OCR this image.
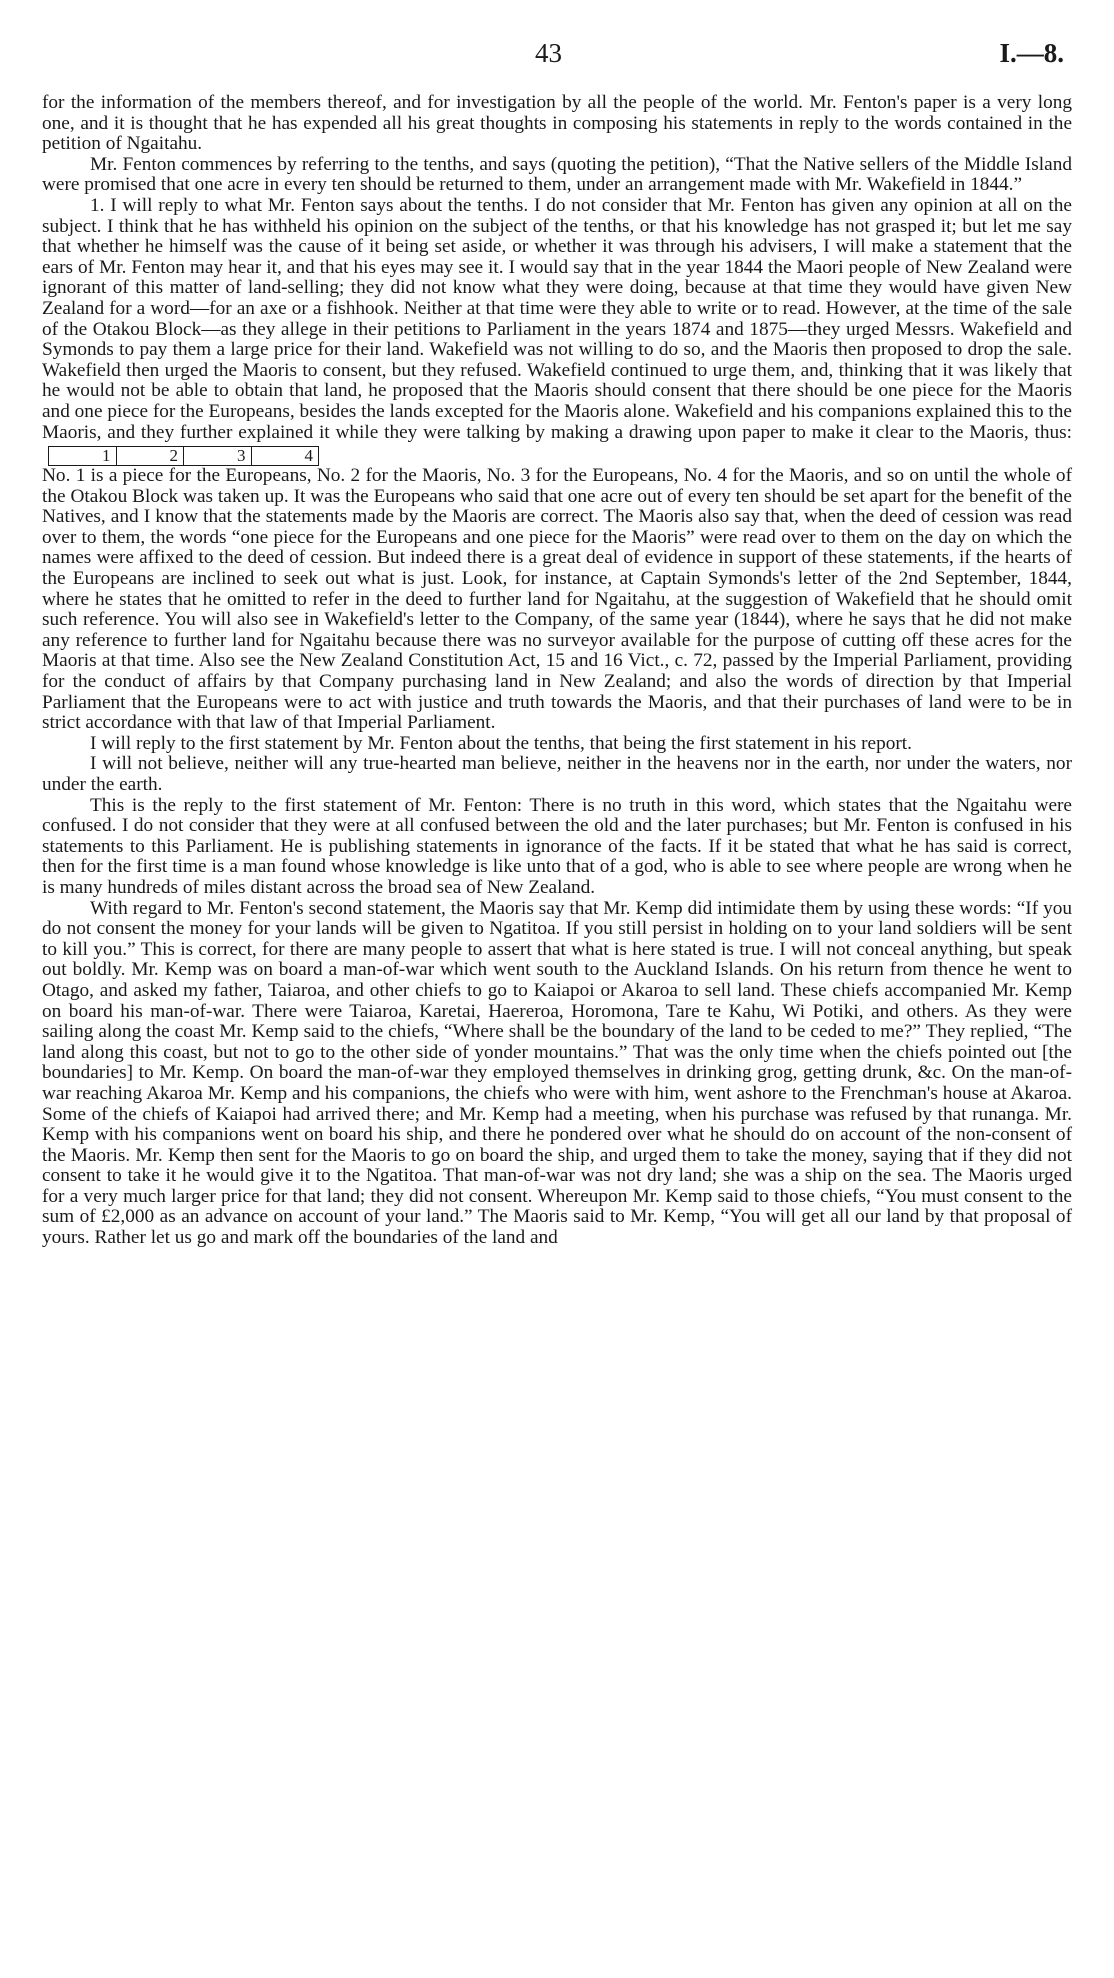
43	I.—8.

for the information of the members thereof, and for investigation by all the people of the world. Mr. Fenton's paper is a very long one, and it is thought that he has expended all his great thoughts in composing his statements in reply to the words contained in the petition of Ngaitahu.

Mr. Fenton commences by referring to the tenths, and says (quoting the petition), “That the Native sellers of the Middle Island were promised that one acre in every ten should be returned to them, under an arrangement made with Mr. Wakefield in 1844.”

1. I will reply to what Mr. Fenton says about the tenths. I do not consider that Mr. Fenton has given any opinion at all on the subject. I think that he has withheld his opinion on the subject of the tenths, or that his knowledge has not grasped it; but let me say that whether he himself was the cause of it being set aside, or whether it was through his advisers, I will make a statement that the ears of Mr. Fenton may hear it, and that his eyes may see it. I would say that in the year 1844 the Maori people of New Zealand were ignorant of this matter of land-selling; they did not know what they were doing, because at that time they would have given New Zealand for a word—for an axe or a fishhook. Neither at that time were they able to write or to read. However, at the time of the sale of the Otakou Block—as they allege in their petitions to Parliament in the years 1874 and 1875—they urged Messrs. Wakefield and Symonds to pay them a large price for their land. Wakefield was not willing to do so, and the Maoris then proposed to drop the sale. Wakefield then urged the Maoris to consent, but they refused. Wakefield continued to urge them, and, thinking that it was likely that he would not be able to obtain that land, he proposed that the Maoris should consent that there should be one piece for the Maoris and one piece for the Europeans, besides the lands excepted for the Maoris alone. Wakefield and his companions explained this to the Maoris, and they further explained it while they were talking by making a drawing upon paper to make it clear to the Maoris, thus:
1	2	3	4

No. 1 is a piece for the Europeans, No. 2 for the Maoris, No. 3 for the Europeans, No. 4 for the Maoris, and so on until the whole of the Otakou Block was taken up. It was the Europeans who said that one acre out of every ten should be set apart for the benefit of the Natives, and I know that the statements made by the Maoris are correct. The Maoris also say that, when the deed of cession was read over to them, the words “one piece for the Europeans and one piece for the Maoris” were read over to them on the day on which the names were affixed to the deed of cession. But indeed there is a great deal of evidence in support of these statements, if the hearts of the Europeans are inclined to seek out what is just. Look, for instance, at Captain Symonds's letter of the 2nd September, 1844, where he states that he omitted to refer in the deed to further land for Ngaitahu, at the suggestion of Wakefield that he should omit such reference. You will also see in Wakefield's letter to the Company, of the same year (1844), where he says that he did not make any reference to further land for Ngaitahu because there was no surveyor available for the purpose of cutting off these acres for the Maoris at that time. Also see the New Zealand Constitution Act, 15 and 16 Vict., c. 72, passed by the Imperial Parliament, providing for the conduct of affairs by that Company purchasing land in New Zealand; and also the words of direction by that Imperial Parliament that the Europeans were to act with justice and truth towards the Maoris, and that their purchases of land were to be in strict accordance with that law of that Imperial Parliament.

I will reply to the first statement by Mr. Fenton about the tenths, that being the first statement in his report.

I will not believe, neither will any true-hearted man believe, neither in the heavens nor in the earth, nor under the waters, nor under the earth.

This is the reply to the first statement of Mr. Fenton: There is no truth in this word, which states that the Ngaitahu were confused. I do not consider that they were at all confused between the old and the later purchases; but Mr. Fenton is confused in his statements to this Parliament. He is publishing statements in ignorance of the facts. If it be stated that what he has said is correct, then for the first time is a man found whose knowledge is like unto that of a god, who is able to see where people are wrong when he is many hundreds of miles distant across the broad sea of New Zealand.

With regard to Mr. Fenton's second statement, the Maoris say that Mr. Kemp did intimidate them by using these words: “If you do not consent the money for your lands will be given to Ngatitoa. If you still persist in holding on to your land soldiers will be sent to kill you.” This is correct, for there are many people to assert that what is here stated is true. I will not conceal anything, but speak out boldly. Mr. Kemp was on board a man-of-war which went south to the Auckland Islands. On his return from thence he went to Otago, and asked my father, Taiaroa, and other chiefs to go to Kaiapoi or Akaroa to sell land. These chiefs accompanied Mr. Kemp on board his man-of-war. There were Taiaroa, Karetai, Haereroa, Horomona, Tare te Kahu, Wi Potiki, and others. As they were sailing along the coast Mr. Kemp said to the chiefs, “Where shall be the boundary of the land to be ceded to me?” They replied, “The land along this coast, but not to go to the other side of yonder mountains.” That was the only time when the chiefs pointed out [the boundaries] to Mr. Kemp. On board the man-of-war they employed themselves in drinking grog, getting drunk, &c. On the man-of-war reaching Akaroa Mr. Kemp and his companions, the chiefs who were with him, went ashore to the Frenchman's house at Akaroa. Some of the chiefs of Kaiapoi had arrived there; and Mr. Kemp had a meeting, when his purchase was refused by that runanga. Mr. Kemp with his companions went on board his ship, and there he pondered over what he should do on account of the non-consent of the Maoris. Mr. Kemp then sent for the Maoris to go on board the ship, and urged them to take the money, saying that if they did not consent to take it he would give it to the Ngatitoa. That man-of-war was not dry land; she was a ship on the sea. The Maoris urged for a very much larger price for that land; they did not consent. Whereupon Mr. Kemp said to those chiefs, “You must consent to the sum of £2,000 as an advance on account of your land.” The Maoris said to Mr. Kemp, “You will get all our land by that proposal of yours. Rather let us go and mark off the boundaries of the land and
